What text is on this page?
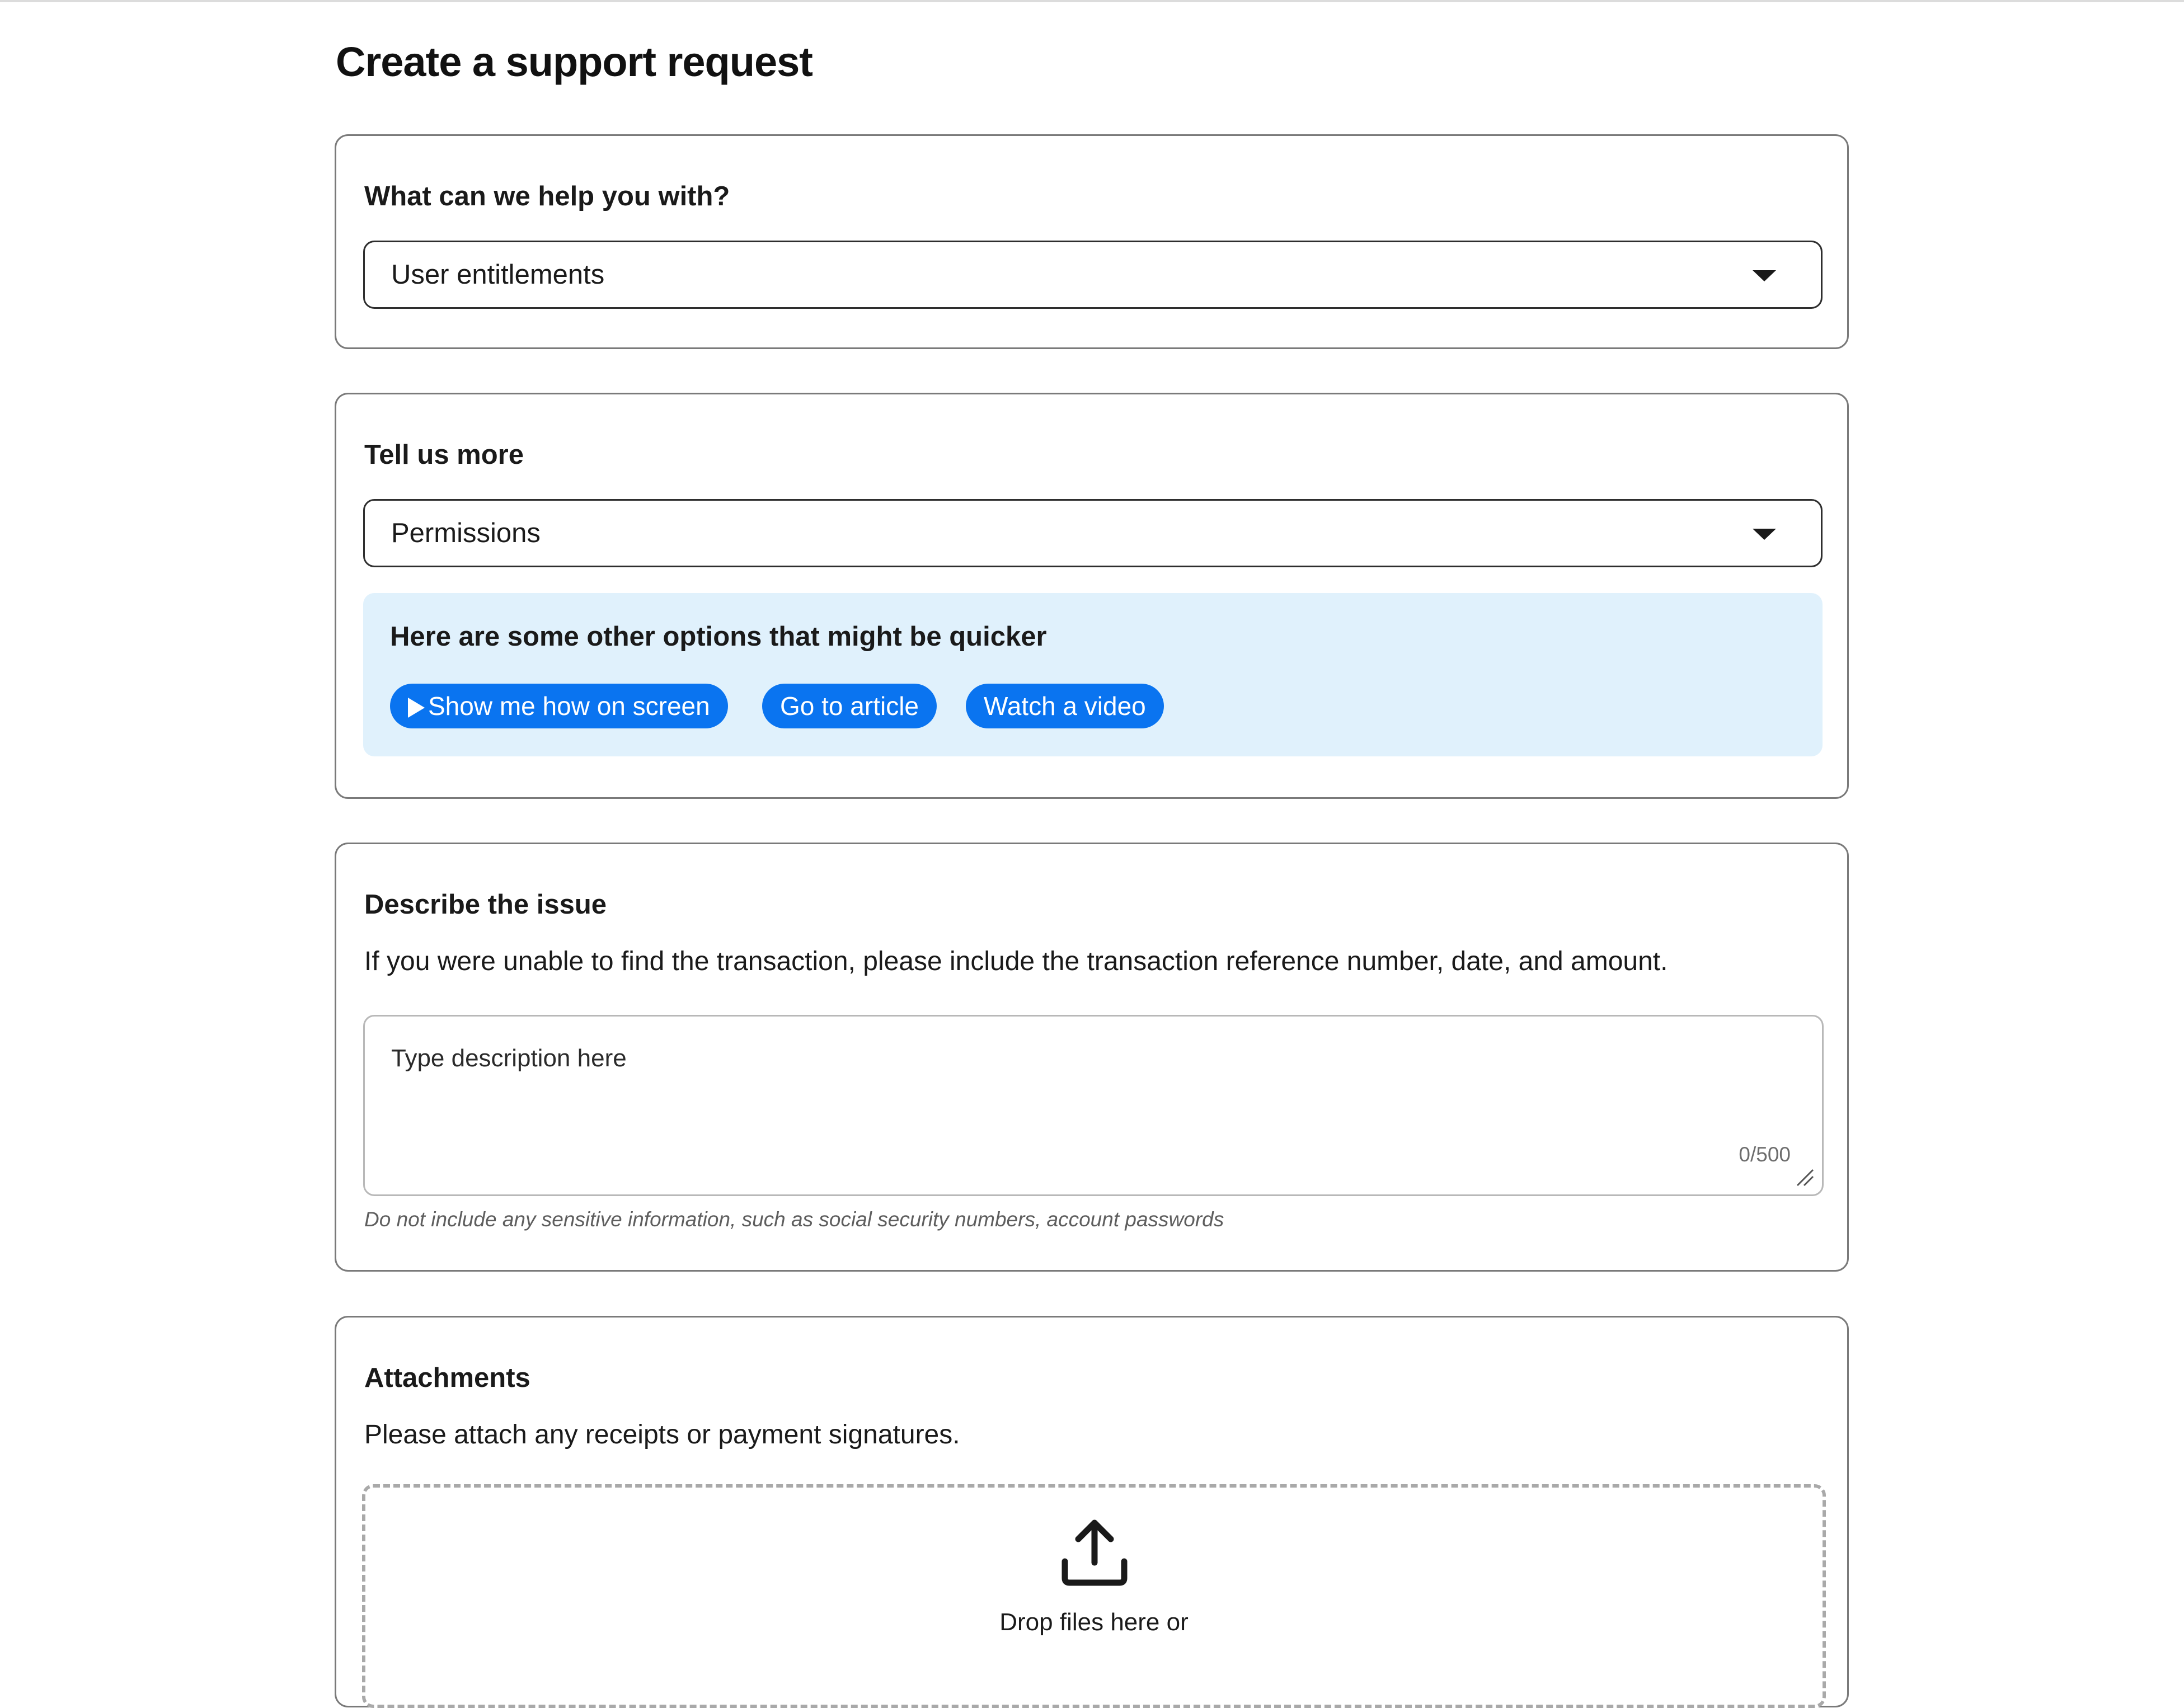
Create a support request
What can we help you with?
User entitlements
Tell us more
Permissions
Here are some other options that might be quicker
Show me how on screen	Go to article	Watch a video
Describe the issue

If you were unable to find the transaction, please include the transaction reference number, date, and amount.

Type description here
0/500

Do not include any sensitive information, such as social security numbers, account passwords

Attachments

Please attach any receipts or payment signatures.

Drop files here or
